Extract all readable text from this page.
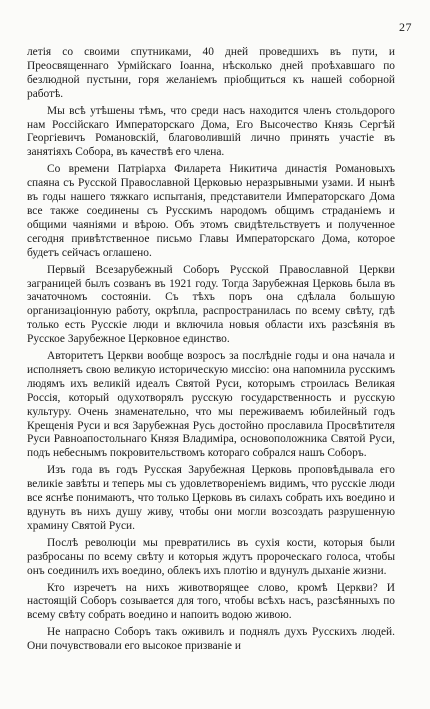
27

летія со своими спутниками, 40 дней проведшихъ въ пути, и Преосвященнаго Урмійскаго Іоанна, нѣсколько дней проѣхавшаго по безлюдной пустыни, горя желаніемъ пріобщиться къ нашей соборной работѣ.

Мы всѣ утѣшены тѣмъ, что среди насъ находится членъ стольдорого нам Россійскаго Императорскаго Дома, Его Высочество Князь Сергѣй Георгіевичъ Романовскій, благоволившій лично принять участіе въ занятіяхъ Собора, въ качествѣ его члена.

Со времени Патріарха Филарета Никитича династія Романовыхъ спаяна съ Русской Православной Церковью неразрывными узами. И нынѣ въ годы нашего тяжкаго испытанія, представители Императорскаго Дома все также соединены съ Русскимъ народомъ общимъ страданіемъ и общими чаяніями и вѣрою. Объ этомъ свидѣтельствуетъ и полученное сегодня привѣтственное письмо Главы Императорскаго Дома, которое будетъ сейчасъ оглашено.

Первый Всезарубежный Соборъ Русской Православной Церкви заграницей былъ созванъ въ 1921 году. Тогда Зарубежная Церковь была въ зачаточномъ состояніи. Съ тѣхъ поръ она сдѣлала большую организаціонную работу, окрѣпла, распространилась по всему свѣту, гдѣ только есть Русскіе люди и включила новыя области ихъ разсѣянія въ Русское Зарубежное Церковное единство.

Авторитетъ Церкви вообще возросъ за послѣдніе годы и она начала и исполняетъ свою великую историческую миссію: она напомнила русскимъ людямъ ихъ великій идеалъ Святой Руси, которымъ строилась Великая Россія, который одухотворялъ русскую государственность и русскую культуру. Очень знаменательно, что мы переживаемъ юбилейный годъ Крещенія Руси и вся Зарубежная Русь достойно прославила Просвѣтителя Руси Равноапостольнаго Князя Владиміра, основоположника Святой Руси, подъ небеснымъ покровительствомъ котораго собрался нашъ Соборъ.

Изъ года въ годъ Русская Зарубежная Церковь проповѣдывала его великіе завѣты и теперь мы съ удовлетвореніемъ видимъ, что русскіе люди все яснѣе понимаютъ, что только Церковь въ силахъ собрать ихъ воедино и вдунуть въ нихъ душу живу, чтобы они могли возсоздать разрушенную храмину Святой Руси.

Послѣ революціи мы превратились въ сухія кости, которыя были разбросаны по всему свѣту и которыя ждутъ пророческаго голоса, чтобы онъ соединилъ ихъ воедино, облекъ ихъ плотію и вдунулъ дыханіе жизни.

Кто изречетъ на нихъ животворящее слово, кромѣ Церкви? И настоящій Соборъ созывается для того, чтобы всѣхъ насъ, разсѣянныхъ по всему свѣту собрать воедино и напоить водою живою.

Не напрасно Соборъ такъ оживилъ и поднялъ духъ Русскихъ людей. Они почувствовали его высокое призваніе и
